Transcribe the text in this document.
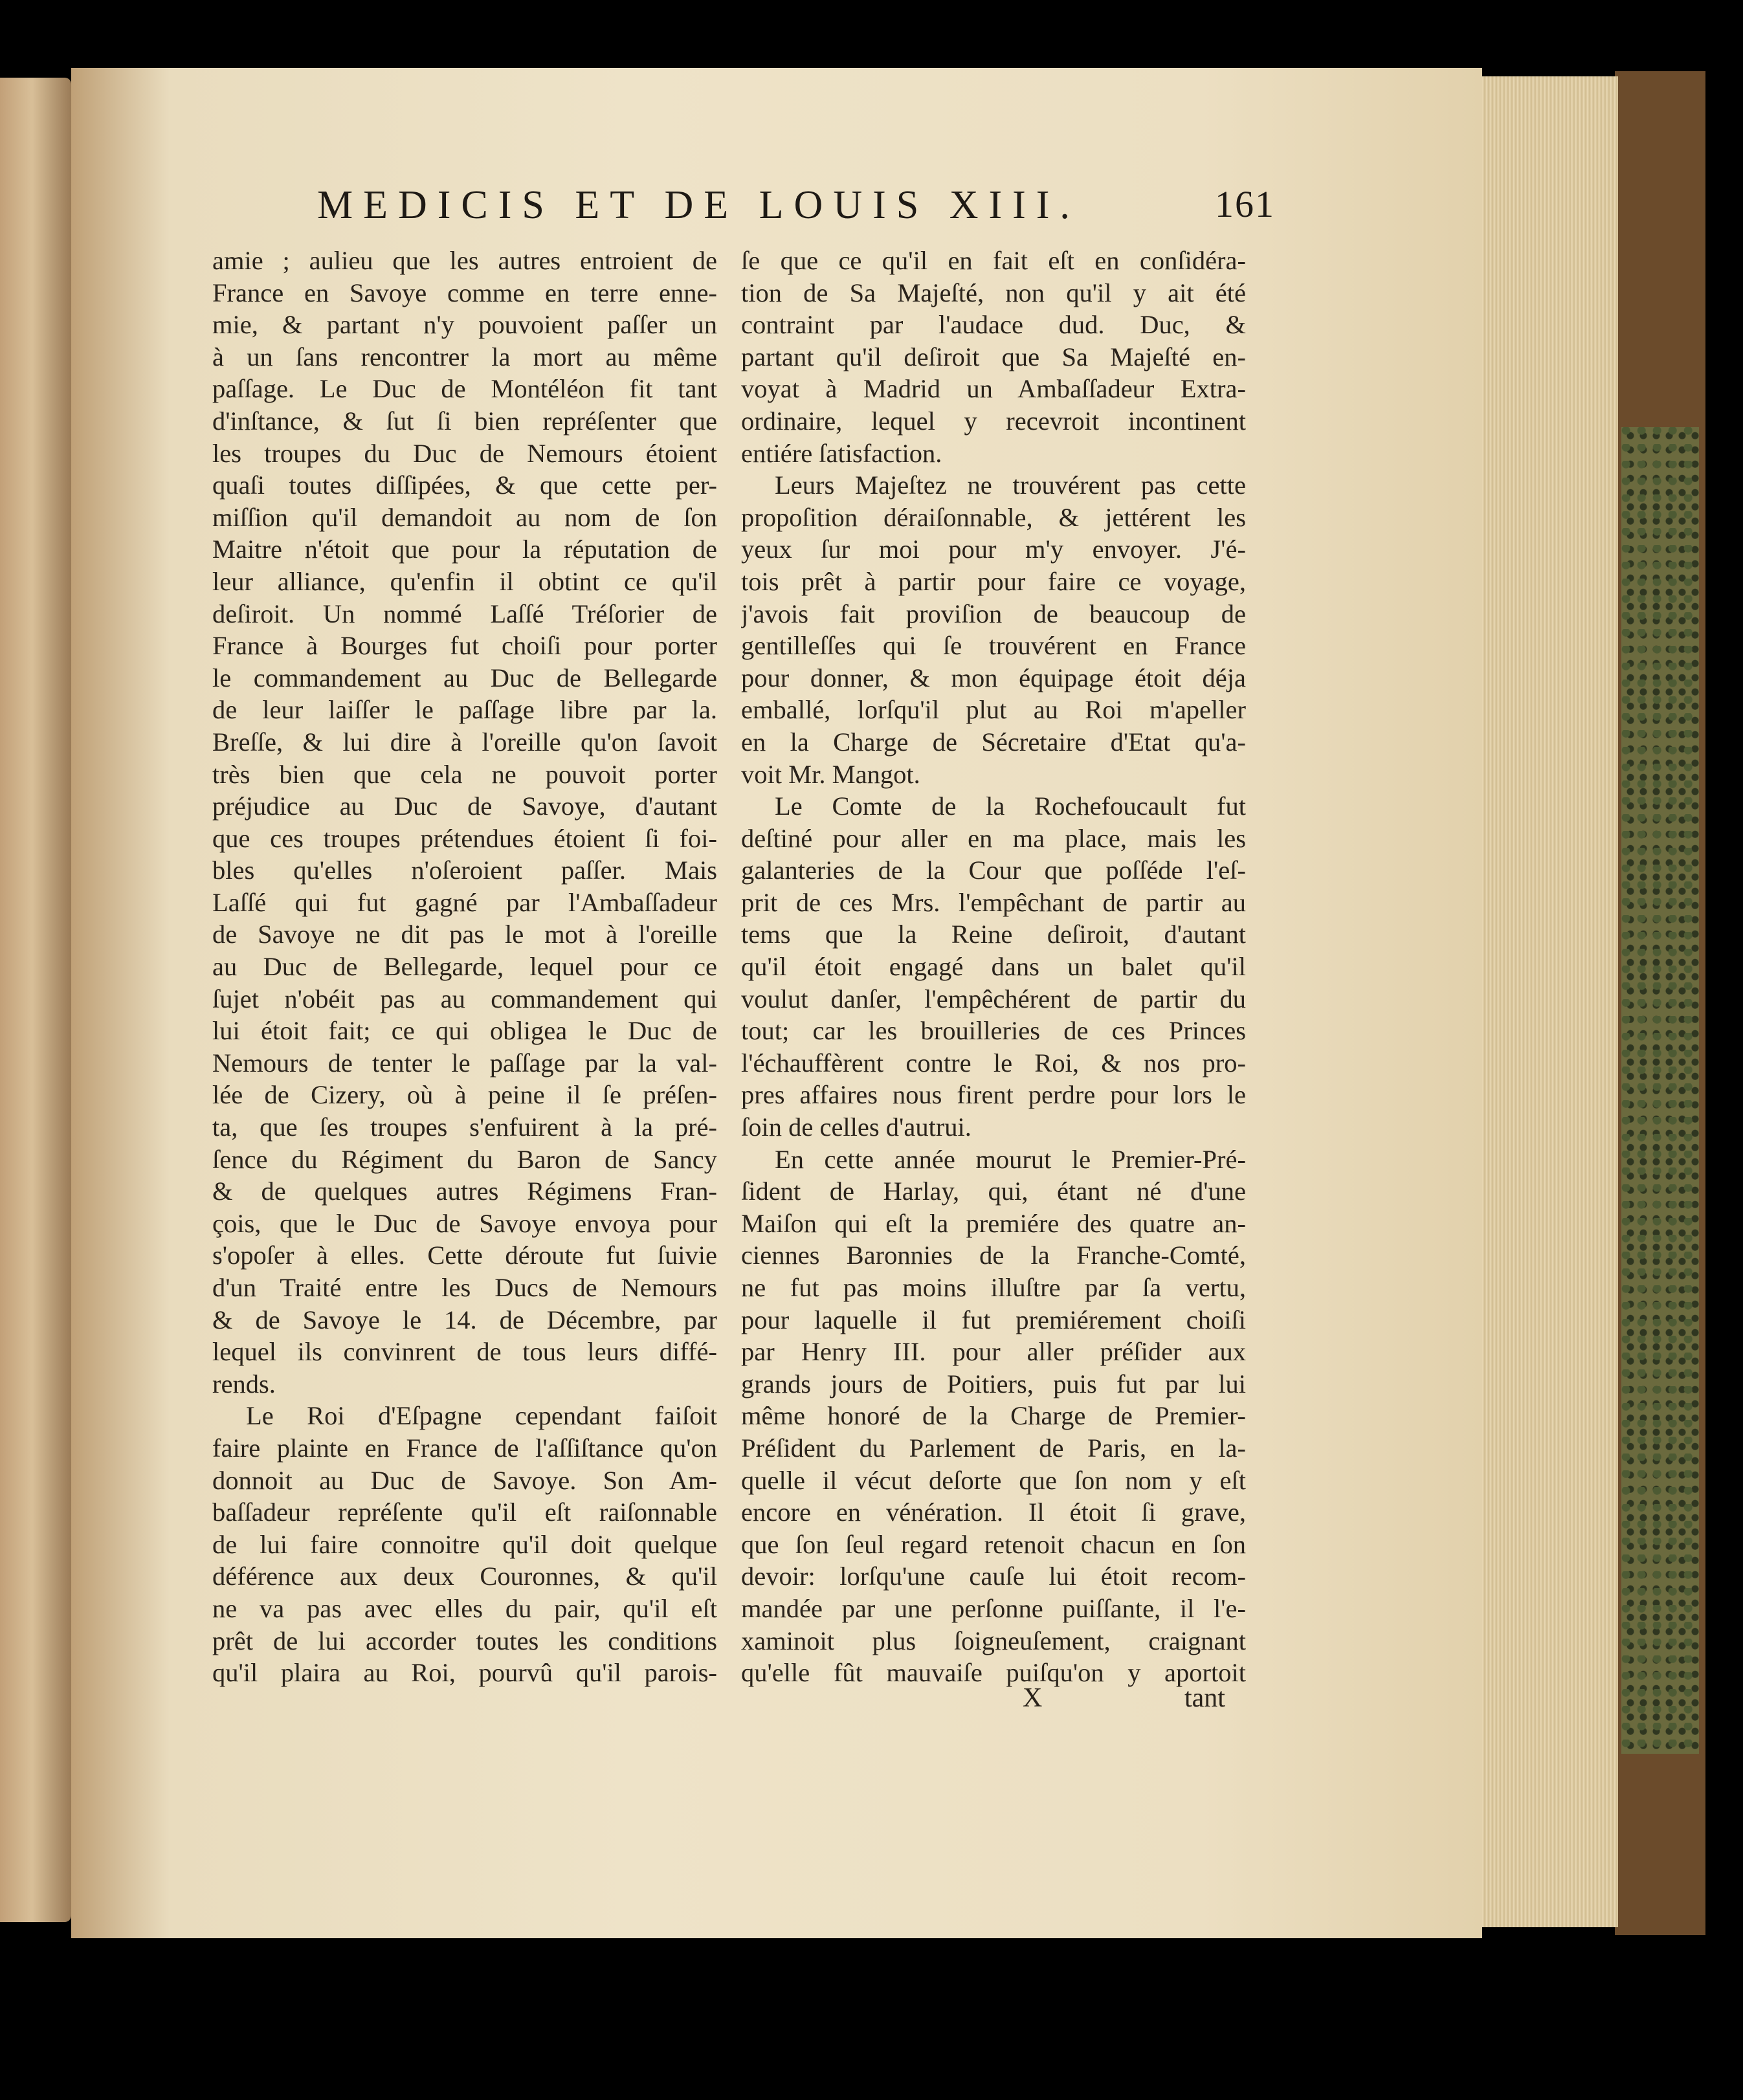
MEDICIS ET DE LOUIS XIII.	161
amie ; aulieu que les autres entroient de
France en Savoye comme en terre enne-
mie, & partant n'y pouvoient paſſer un
à un ſans rencontrer la mort au même
paſſage. Le Duc de Montéléon fit tant
d'inſtance, & ſut ſi bien repréſenter que
les troupes du Duc de Nemours étoient
quaſi toutes diſſipées, & que cette per-
miſſion qu'il demandoit au nom de ſon
Maitre n'étoit que pour la réputation de
leur alliance, qu'enfin il obtint ce qu'il
deſiroit. Un nommé Laſſé Tréſorier de
France à Bourges fut choiſi pour porter
le commandement au Duc de Bellegarde
de leur laiſſer le paſſage libre par la.
Breſſe, & lui dire à l'oreille qu'on ſavoit
très bien que cela ne pouvoit porter
préjudice au Duc de Savoye, d'autant
que ces troupes prétendues étoient ſi foi-
bles qu'elles n'oſeroient paſſer. Mais
Laſſé qui fut gagné par l'Ambaſſadeur
de Savoye ne dit pas le mot à l'oreille
au Duc de Bellegarde, lequel pour ce
ſujet n'obéit pas au commandement qui
lui étoit fait; ce qui obligea le Duc de
Nemours de tenter le paſſage par la val-
lée de Cizery, où à peine il ſe préſen-
ta, que ſes troupes s'enfuirent à la pré-
ſence du Régiment du Baron de Sancy
& de quelques autres Régimens Fran-
çois, que le Duc de Savoye envoya pour
s'opoſer à elles. Cette déroute fut ſuivie
d'un Traité entre les Ducs de Nemours
& de Savoye le 14. de Décembre, par
lequel ils convinrent de tous leurs diffé-
rends.
Le Roi d'Eſpagne cependant faiſoit
faire plainte en France de l'aſſiſtance qu'on
donnoit au Duc de Savoye. Son Am-
baſſadeur repréſente qu'il eſt raiſonnable
de lui faire connoitre qu'il doit quelque
déférence aux deux Couronnes, & qu'il
ne va pas avec elles du pair, qu'il eſt
prêt de lui accorder toutes les conditions
qu'il plaira au Roi, pourvû qu'il parois-
ſe que ce qu'il en fait eſt en conſidéra-
tion de Sa Majeſté, non qu'il y ait été
contraint par l'audace dud. Duc, &
partant qu'il deſiroit que Sa Majeſté en-
voyat à Madrid un Ambaſſadeur Extra-
ordinaire, lequel y recevroit incontinent
entiére ſatisfaction.
Leurs Majeſtez ne trouvérent pas cette
propoſition déraiſonnable, & jettérent les
yeux ſur moi pour m'y envoyer. J'é-
tois prêt à partir pour faire ce voyage,
j'avois fait proviſion de beaucoup de
gentilleſſes qui ſe trouvérent en France
pour donner, & mon équipage étoit déja
emballé, lorſqu'il plut au Roi m'apeller
en la Charge de Sécretaire d'Etat qu'a-
voit Mr. Mangot.
Le Comte de la Rochefoucault fut
deſtiné pour aller en ma place, mais les
galanteries de la Cour que poſſéde l'eſ-
prit de ces Mrs. l'empêchant de partir au
tems que la Reine deſiroit, d'autant
qu'il étoit engagé dans un balet qu'il
voulut danſer, l'empêchérent de partir du
tout; car les brouilleries de ces Princes
l'échauffèrent contre le Roi, & nos pro-
pres affaires nous firent perdre pour lors le
ſoin de celles d'autrui.
En cette année mourut le Premier-Pré-
ſident de Harlay, qui, étant né d'une
Maiſon qui eſt la premiére des quatre an-
ciennes Baronnies de la Franche-Comté,
ne fut pas moins illuſtre par ſa vertu,
pour laquelle il fut premiérement choiſi
par Henry III. pour aller préſider aux
grands jours de Poitiers, puis fut par lui
même honoré de la Charge de Premier-
Préſident du Parlement de Paris, en la-
quelle il vécut deſorte que ſon nom y eſt
encore en vénération. Il étoit ſi grave,
que ſon ſeul regard retenoit chacun en ſon
devoir: lorſqu'une cauſe lui étoit recom-
mandée par une perſonne puiſſante, il l'e-
xaminoit plus ſoigneuſement, craignant
qu'elle fût mauvaiſe puiſqu'on y aportoit
X	tant
